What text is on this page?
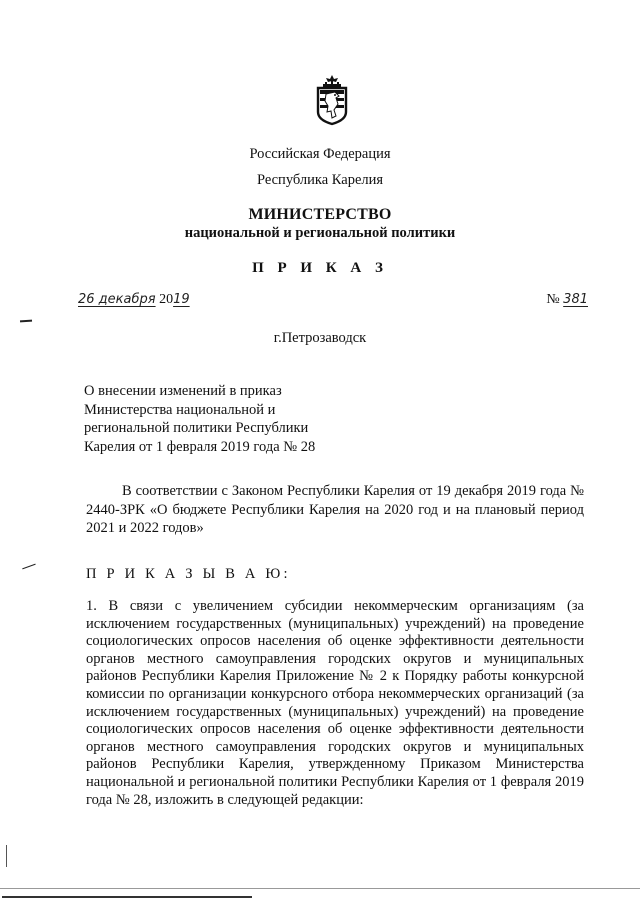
Российская Федерация
Республика Карелия
МИНИСТЕРСТВО
национальной и региональной политики
П Р И К А З
26 декабря 2019	№ 381
г.Петрозаводск
О внесении изменений в приказ
Министерства национальной и
региональной политики Республики
Карелия от 1 февраля 2019 года № 28
В соответствии с Законом Республики Карелия от 19 декабря 2019 года № 2440-ЗРК «О бюджете Республики Карелия на 2020 год и на плановый период 2021 и 2022 годов»
П Р И К А З Ы В А Ю:
1. В связи с увеличением субсидии некоммерческим организациям (за исключением государственных (муниципальных) учреждений) на проведение социологических опросов населения об оценке эффективности деятельности органов местного самоуправления городских округов и муниципальных районов Республики Карелия Приложение № 2 к Порядку работы конкурсной комиссии по организации конкурсного отбора некоммерческих организаций (за исключением государственных (муниципальных) учреждений) на проведение социологических опросов населения об оценке эффективности деятельности органов местного самоуправления городских округов и муниципальных районов Республики Карелия, утвержденному Приказом Министерства национальной и региональной политики Республики Карелия от 1 февраля 2019 года № 28, изложить в следующей редакции:
